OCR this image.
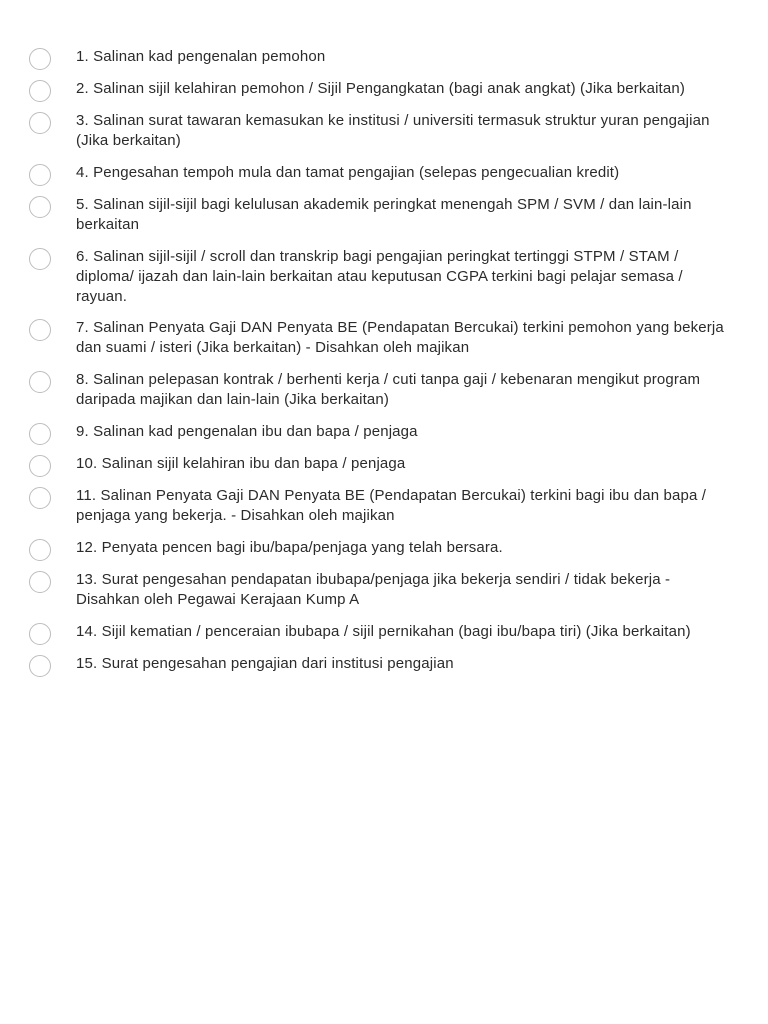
1. Salinan kad pengenalan pemohon
2. Salinan sijil kelahiran pemohon / Sijil Pengangkatan (bagi anak angkat) (Jika berkaitan)
3. Salinan surat tawaran kemasukan ke institusi / universiti termasuk struktur yuran pengajian (Jika berkaitan)
4. Pengesahan tempoh mula dan tamat pengajian (selepas pengecualian kredit)
5. Salinan sijil-sijil bagi kelulusan akademik peringkat menengah SPM / SVM / dan lain-lain berkaitan
6. Salinan sijil-sijil / scroll dan transkrip bagi pengajian peringkat tertinggi STPM / STAM / diploma/ ijazah dan lain-lain berkaitan atau keputusan CGPA terkini bagi pelajar semasa / rayuan.
7. Salinan Penyata Gaji DAN Penyata BE (Pendapatan Bercukai) terkini pemohon yang bekerja dan suami / isteri (Jika berkaitan) - Disahkan oleh majikan
8. Salinan pelepasan kontrak / berhenti kerja / cuti tanpa gaji / kebenaran mengikut program daripada majikan dan lain-lain (Jika berkaitan)
9. Salinan kad pengenalan ibu dan bapa / penjaga
10. Salinan sijil kelahiran ibu dan bapa / penjaga
11. Salinan Penyata Gaji DAN Penyata BE (Pendapatan Bercukai) terkini bagi ibu dan bapa / penjaga yang bekerja. - Disahkan oleh majikan
12. Penyata pencen bagi ibu/bapa/penjaga yang telah bersara.
13. Surat pengesahan pendapatan ibubapa/penjaga jika bekerja sendiri / tidak bekerja - Disahkan oleh Pegawai Kerajaan Kump A
14. Sijil kematian / penceraian ibubapa / sijil pernikahan (bagi ibu/bapa tiri) (Jika berkaitan)
15. Surat pengesahan pengajian dari institusi pengajian
